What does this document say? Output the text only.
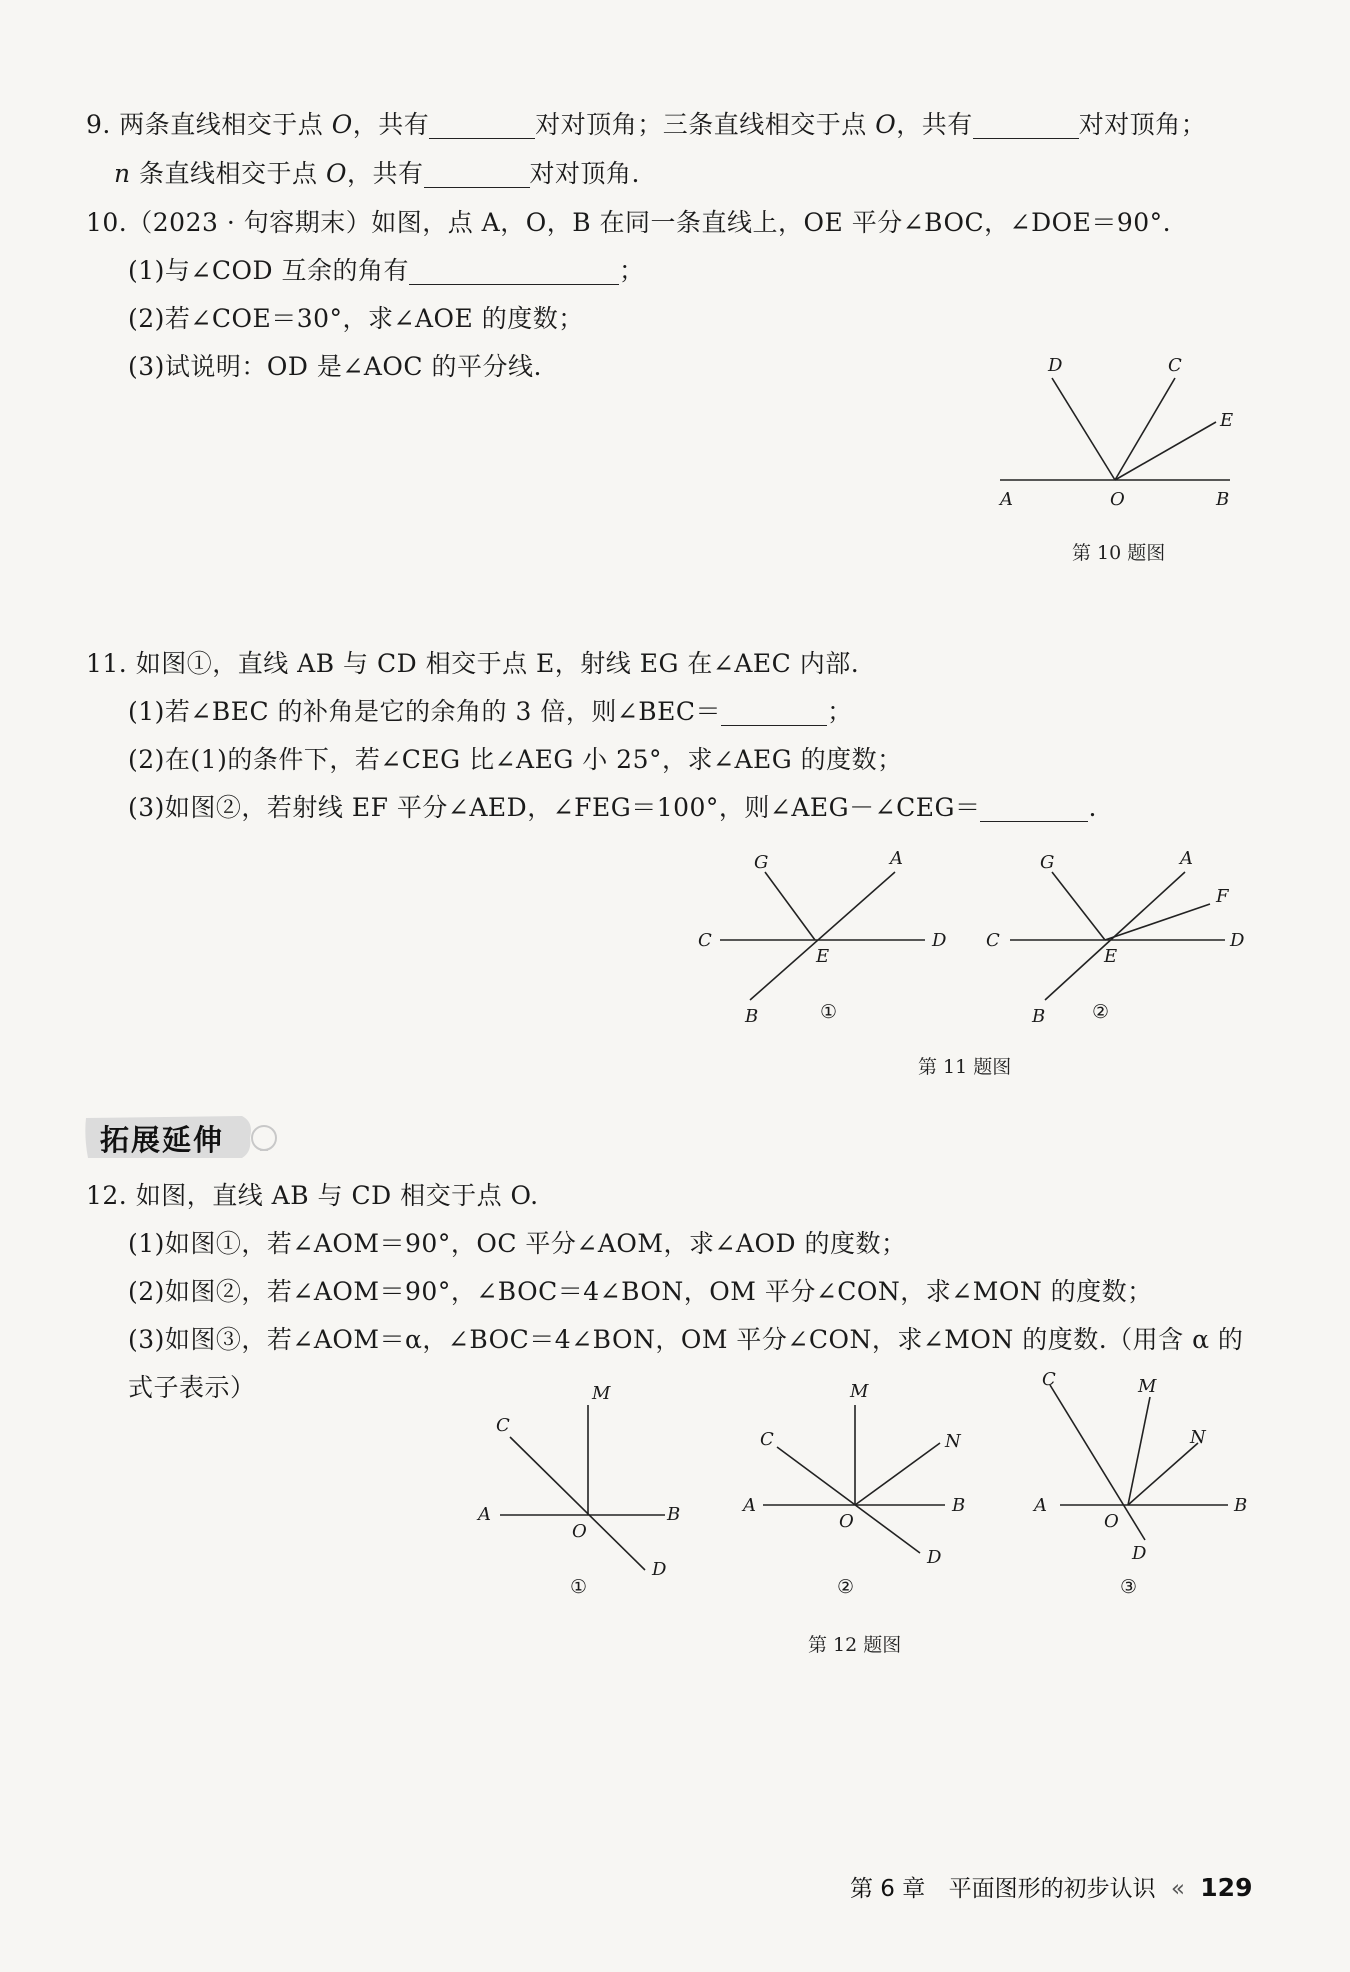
9. 两条直线相交于点 O，共有	对对顶角；三条直线相交于点 O，共有	对对顶角；
n 条直线相交于点 O，共有	对对顶角.
10.（2023 · 句容期末）如图，点 A，O，B 在同一条直线上，OE 平分∠BOC，∠DOE＝90°.
(1)与∠COD 互余的角有	；
(2)若∠COE＝30°，求∠AOE 的度数；
(3)试说明：OD 是∠AOC 的平分线.	D	C
E
A	O	B
第 10 题图
11. 如图①，直线 AB 与 CD 相交于点 E，射线 EG 在∠AEC 内部.
(1)若∠BEC 的补角是它的余角的 3 倍，则∠BEC＝	；
(2)在(1)的条件下，若∠CEG 比∠AEG 小 25°，求∠AEG 的度数；
(3)如图②，若射线 EF 平分∠AED，∠FEG＝100°，则∠AEG－∠CEG＝	.
G	A
C	D
E
B	①
G	A
F
C	D
E
B ②
第 11 题图
拓展延伸
12. 如图，直线 AB 与 CD 相交于点 O.
(1)如图①，若∠AOM＝90°，OC 平分∠AOM，求∠AOD 的度数；
(2)如图②，若∠AOM＝90°，∠BOC＝4∠BON，OM 平分∠CON，求∠MON 的度数；
(3)如图③，若∠AOM＝α，∠BOC＝4∠BON，OM 平分∠CON，求∠MON 的度数.（用含 α 的
式子表示）	M
C
A	B
O
D
①
M
C	N
A	B
O
D
②
C	M
N
A	B
O
D
③
第 12 题图
第 6 章 平面图形的初步认识 « 129
